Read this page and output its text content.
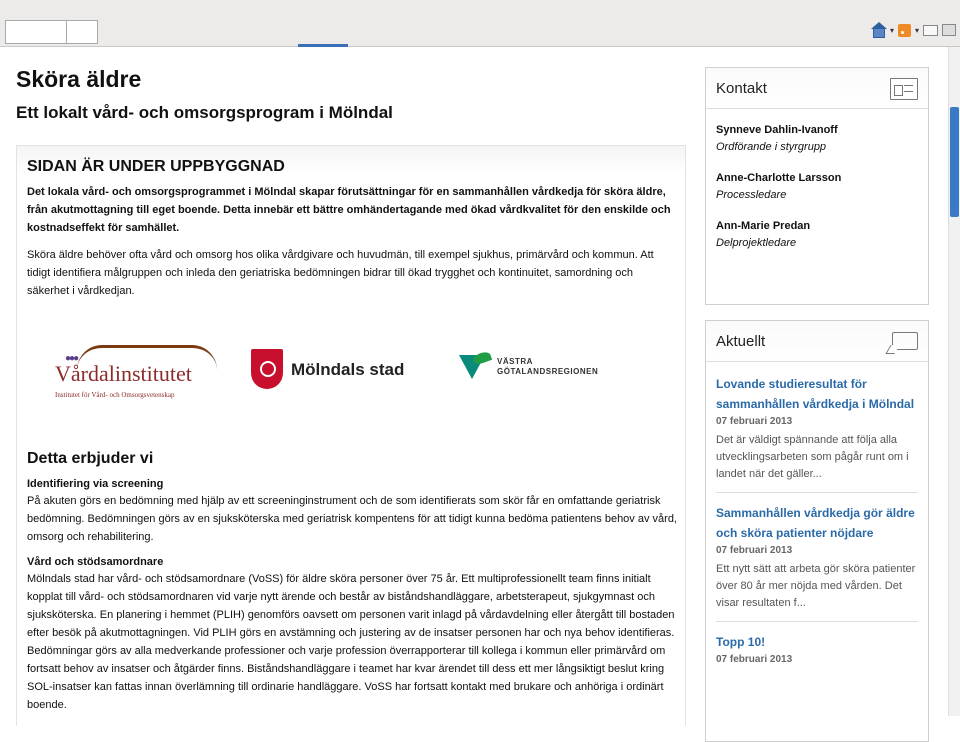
▾	▾
Sköra äldre
Ett lokalt vård- och omsorgsprogram i Mölndal
SIDAN ÄR UNDER UPPBYGGNAD

Det lokala vård- och omsorgsprogrammet i Mölndal skapar förutsättningar för en sammanhållen vårdkedja för sköra äldre, från akutmottagning till eget boende. Detta innebär ett bättre omhändertagande med ökad vårdkvalitet för den enskilde och kostnadseffekt för samhället.

Sköra äldre behöver ofta vård och omsorg hos olika vårdgivare och huvudmän, till exempel sjukhus, primärvård och kommun. Att tidigt identifiera målgruppen och inleda den geriatriska bedömningen bidrar till ökad trygghet och kontinuitet, samordning och säkerhet i vårdkedjan.

●●●
Vårdalinstitutet
Institutet för Vård- och Omsorgsvetenskap
Mölndals stad	VÄSTRA
GÖTALANDSREGIONEN
Detta erbjuder vi
Identifiering via screening

På akuten görs en bedömning med hjälp av ett screeninginstrument och de som identifierats som skör får en omfattande geriatrisk bedömning. Bedömningen görs av en sjuksköterska med geriatrisk kompentens för att tidigt kunna bedöma patientens behov av vård, omsorg och rehabilitering.

Vård och stödsamordnare

Mölndals stad har vård- och stödsamordnare (VoSS) för äldre sköra personer över 75 år. Ett multiprofessionellt team finns initialt kopplat till vård- och stödsamordnaren vid varje nytt ärende och består av biståndshandläggare, arbetsterapeut, sjukgymnast och sjuksköterska. En planering i hemmet (PLIH) genomförs oavsett om personen varit inlagd på vårdavdelning eller återgått till bostaden efter besök på akutmottagningen. Vid PLIH görs en avstämning och justering av de insatser personen har och nya behov identifieras. Bedömningar görs av alla medverkande professioner och varje profession överrapporterar till kollega i kommun eller primärvård om fortsatt behov av insatser och åtgärder finns. Biståndshandläggare i teamet har kvar ärendet till dess ett mer långsiktigt beslut kring SOL-insatser kan fattas innan överlämning till ordinarie handläggare. VoSS har fortsatt kontakt med brukare och anhöriga i ordinärt boende.

Kontakt
Synneve Dahlin-Ivanoff
Ordförande i styrgrupp
Anne-Charlotte Larsson
Processledare
Ann-Marie Predan
Delprojektledare
Aktuellt
Lovande studieresultat för sammanhållen vårdkedja i Mölndal
07 februari 2013
Det är väldigt spännande att följa alla utvecklingsarbeten som pågår runt om i landet när det gäller...
Sammanhållen vårdkedja gör äldre och sköra patienter nöjdare
07 februari 2013
Ett nytt sätt att arbeta gör sköra patienter över 80 år mer nöjda med vården. Det visar resultaten f...
Topp 10!
07 februari 2013
